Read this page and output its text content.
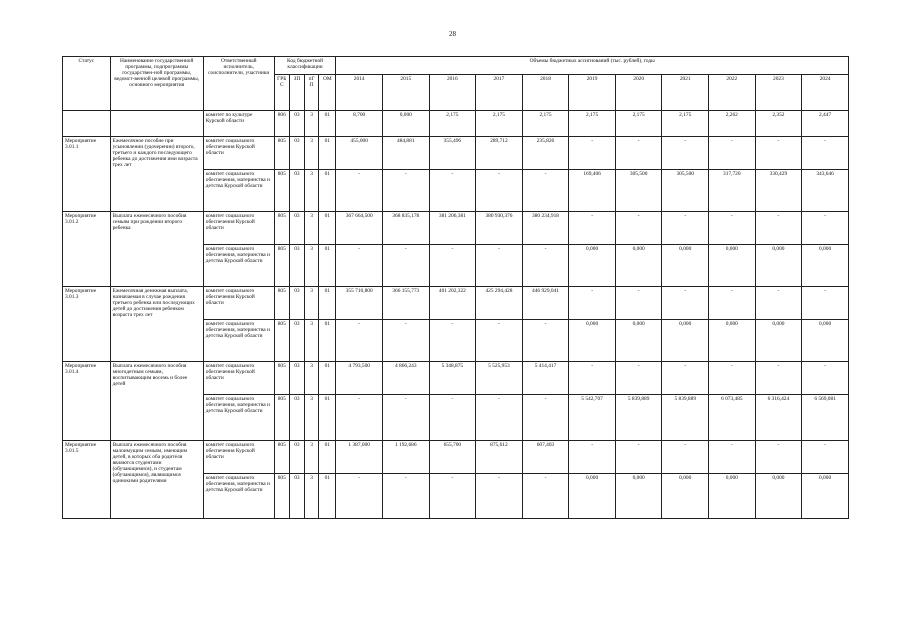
28
Статус	Наименование государственной программы, подпрограммы государствен-ной программы, ведомст-венной целевой программы, основного мероприятия	Ответственный исполнитель, соисполнители, участники	Код бюджетной классификации				Объемы бюджетных ассигнований (тыс. рублей), годы										
			ГРБС	ЗП	пГП	ОМ	2014	2015	2016	2017	2018	2019	2020	2021	2022	2023	2024
		комитет по культуре Курской области	806	03	3	01	8,700	0,000	2,175	2,175	2,175	2,175	2,175	2,175	2,262	2,352	2,447
Мероприятие 3.01.1	Ежемесячное пособие при усыновлении (удочерении) второго, третьего и каждого последующего ребенка до достижения ими возраста трех лет	комитет социального обеспечения Курской области	805	03	3	01	455,000	484,881	355,496	289,712	235,826	-	-	-	-	-	-
		комитет социального обеспечения, материнства и детства Курской области	805	03	3	01	-	-	-	-	-	169,406	305,500	305,500	317,720	330,429	343,646
Мероприятие 3.01.2	Выплата ежемесячного пособия семьям при рождении второго ребенка	комитет социального обеспечения Курской области	805	03	3	01	367 664,500	368 835,178	381 206,381	380 930,376	380 234,918	-	-	-	-	-	-
		комитет социального обеспечения, материнства и детства Курской области	805	03	3	01	-	-	-	-	-	0,000	0,000	0,000	0,000	0,000	0,000
Мероприятие 3.01.3	Ежемесячная денежная выплата, назначаемая в случае рождения третьего ребенка или последующих детей до достижения ребенком возраста трех лет	комитет социального обеспечения Курской области	805	03	3	01	355 716,800	366 155,773	401 202,322	425 294,428	446 929,041	-	-	-	-	-	-
		комитет социального обеспечения, материнства и детства Курской области	805	03	3	01	-	-	-	-	-	0,000	0,000	0,000	0,000	0,000	0,000
Мероприятие 3.01.4	Выплата ежемесячного пособия многодетным семьям, воспитывающим восемь и более детей	комитет социального обеспечения Курской области	805	03	3	01	4 793,500	4 866,243	5 348,875	5 525,953	5 414,417	-	-	-	-	-	-
		комитет социального обеспечения, материнства и детства Курской области	805	03	3	01	-	-	-	-	-	5 542,707	5 839,889	5 839,889	6 073,485	6 316,424	6 569,081
Мероприятие 3.01.5	Выплата ежемесячного пособия малоимущим семьям, имеющим детей, в которых оба родителя являются студентами (обучающимися), и студентам (обучающимся), являющимся одинокими родителями	комитет социального обеспечения Курской области	805	03	3	01	1 387,000	1 192,686	655,700	875,612	607,403	-	-	-	-	-	-
		комитет социального обеспечения, материнства и детства Курской области	805	03	3	01	-	-	-	-	-	0,000	0,000	0,000	0,000	0,000	0,000
